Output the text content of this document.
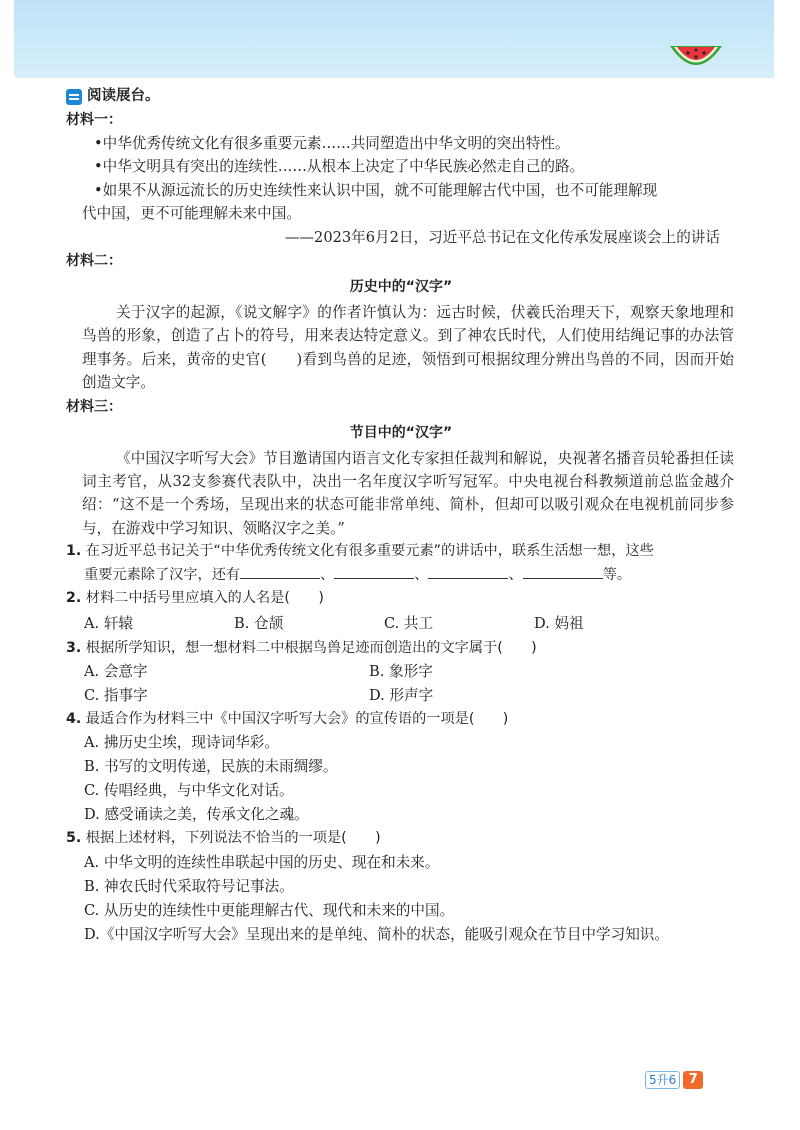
阅读展台。
材料一：

•中华优秀传统文化有很多重要元素……共同塑造出中华文明的突出特性。

•中华文明具有突出的连续性……从根本上决定了中华民族必然走自己的路。

•如果不从源远流长的历史连续性来认识中国，就不可能理解古代中国，也不可能理解现

代中国，更不可能理解未来中国。

——2023年6月2日，习近平总书记在文化传承发展座谈会上的讲话

材料二：
历史中的“汉字”

关于汉字的起源，《说文解字》的作者许慎认为：远古时候，伏羲氏治理天下，观察天象地理和鸟兽的形象，创造了占卜的符号，用来表达特定意义。到了神农氏时代，人们使用结绳记事的办法管理事务。后来，黄帝的史官(　　)看到鸟兽的足迹，领悟到可根据纹理分辨出鸟兽的不同，因而开始创造文字。

材料三：
节目中的“汉字”

《中国汉字听写大会》节目邀请国内语言文化专家担任裁判和解说，央视著名播音员轮番担任读词主考官，从32支参赛代表队中，决出一名年度汉字听写冠军。中央电视台科教频道前总监金越介绍：“这不是一个秀场，呈现出来的状态可能非常单纯、简朴，但却可以吸引观众在电视机前同步参与，在游戏中学习知识、领略汉字之美。”

1. 在习近平总书记关于“中华优秀传统文化有很多重要元素”的讲话中，联系生活想一想，这些
重要元素除了汉字，还有	、	、	、	等。
2. 材料二中括号里应填入的人名是(　　)
A. 轩辕	B. 仓颉	C. 共工	D. 妈祖
3. 根据所学知识，想一想材料二中根据鸟兽足迹而创造出的文字属于(　　)
A. 会意字	B. 象形字
C. 指事字	D. 形声字
4. 最适合作为材料三中《中国汉字听写大会》的宣传语的一项是(　　)
A. 拂历史尘埃，现诗词华彩。
B. 书写的文明传递，民族的未雨绸缪。
C. 传唱经典，与中华文化对话。
D. 感受诵读之美，传承文化之魂。
5. 根据上述材料，下列说法不恰当的一项是(　　)
A. 中华文明的连续性串联起中国的历史、现在和未来。
B. 神农氏时代采取符号记事法。
C. 从历史的连续性中更能理解古代、现代和未来的中国。
D.《中国汉字听写大会》呈现出来的是单纯、简朴的状态，能吸引观众在节目中学习知识。
5升6 7
